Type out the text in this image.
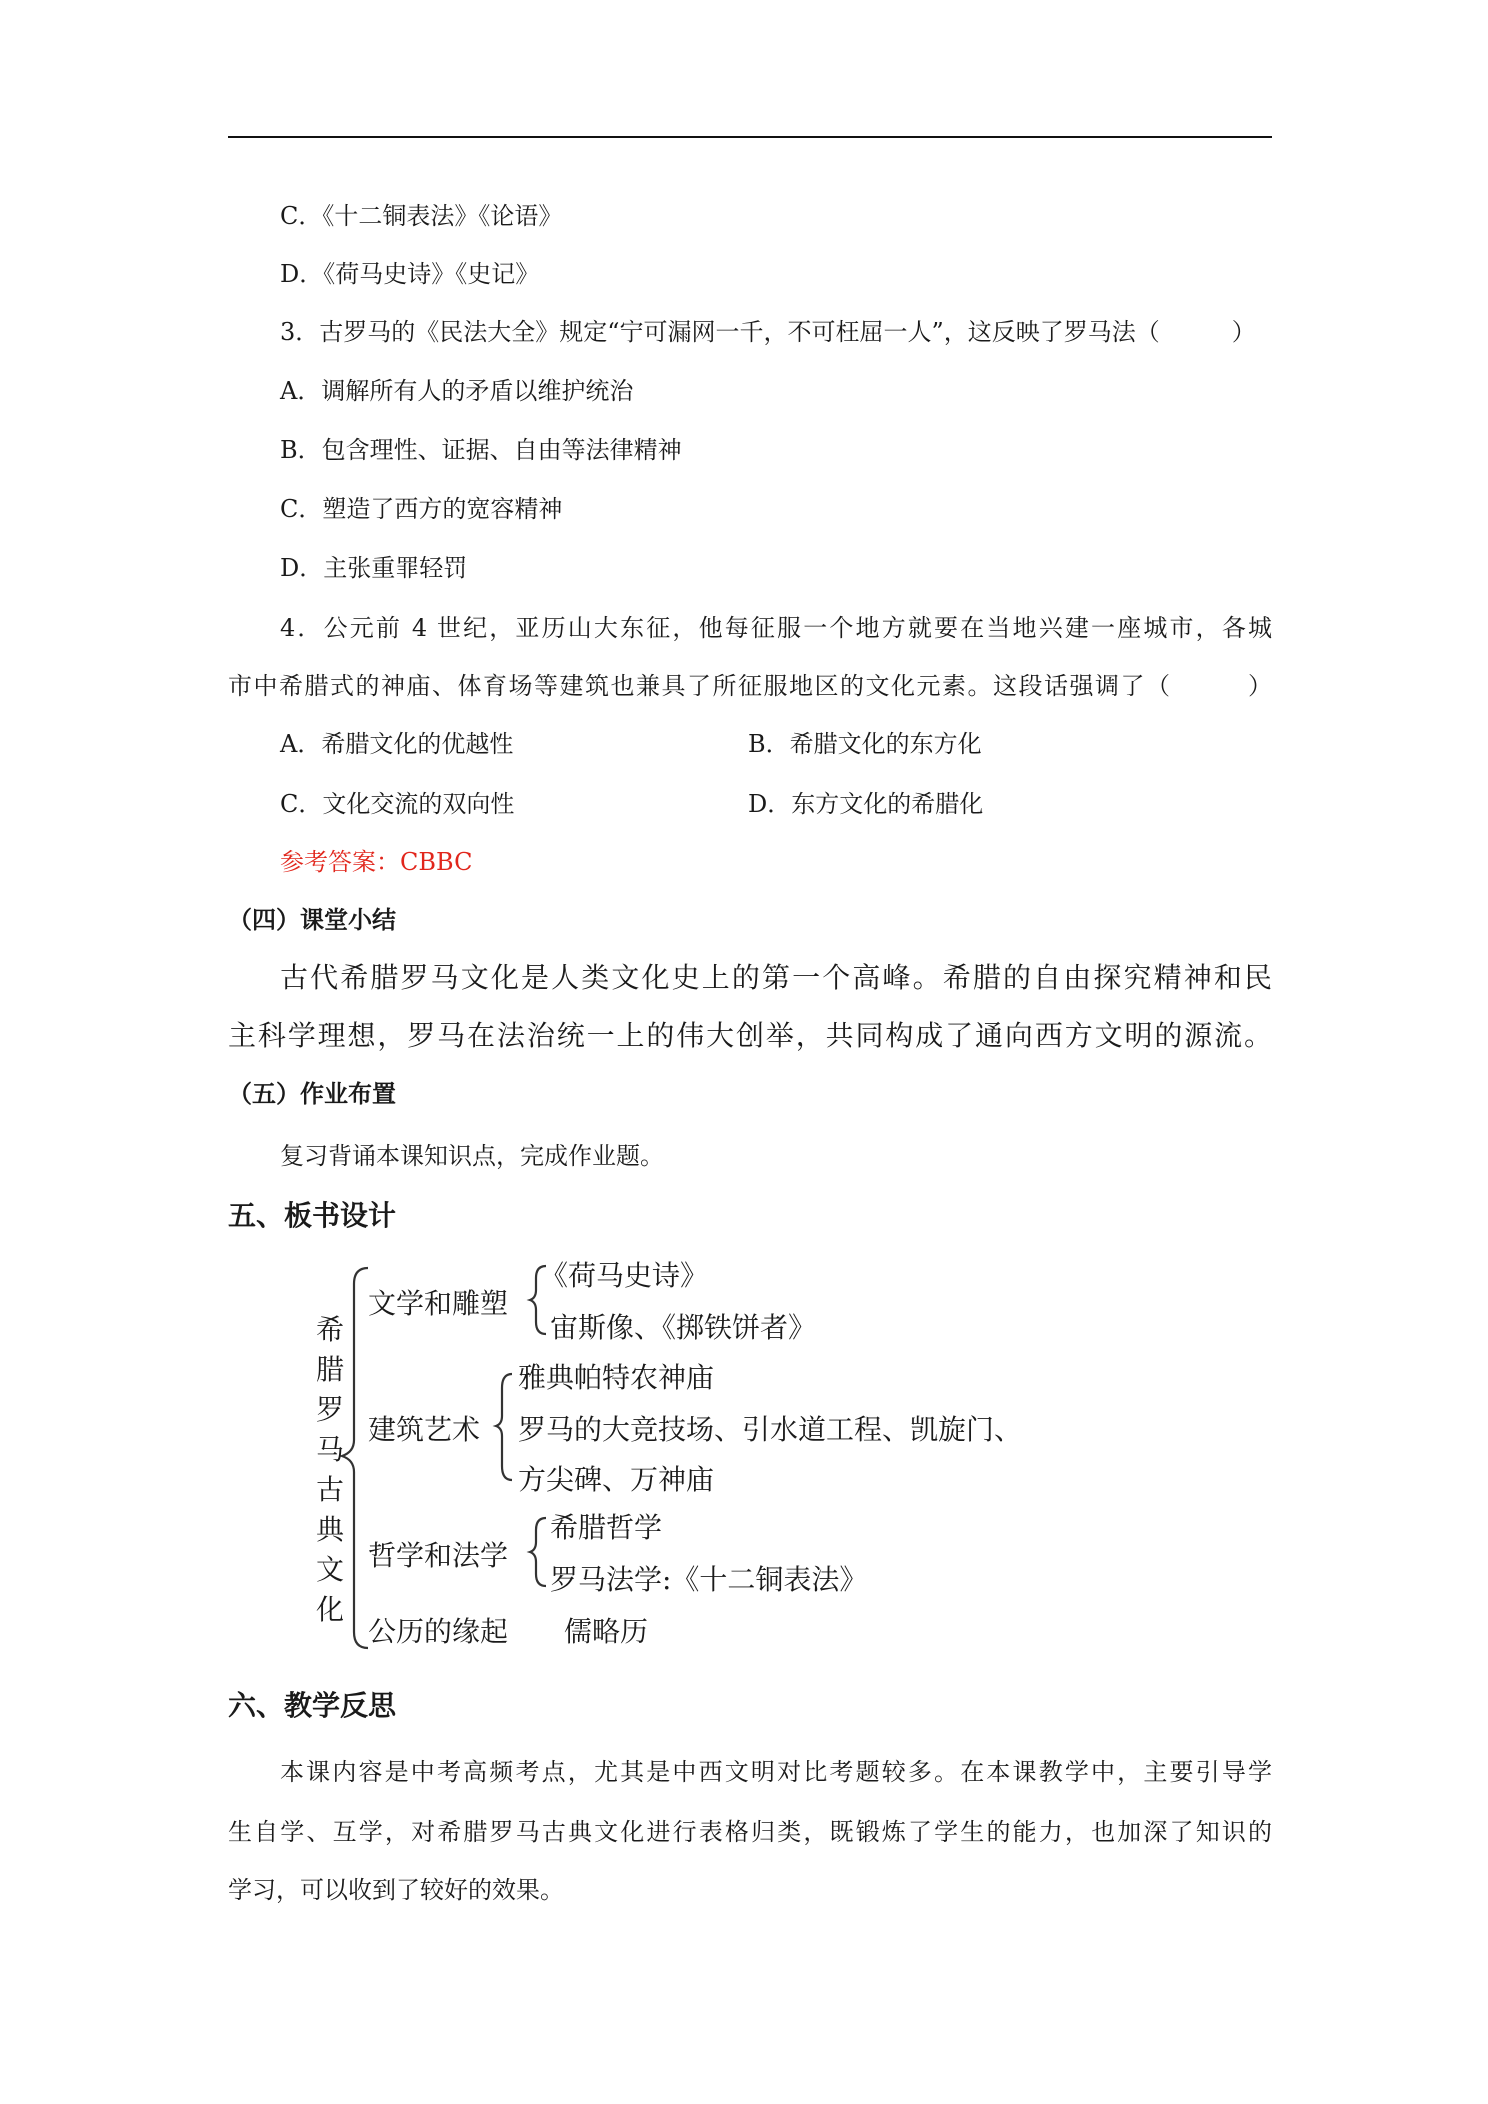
C．《十二铜表法》《论语》
D．《荷马史诗》《史记》
3．古罗马的《民法大全》规定“宁可漏网一千，不可枉屈一人”，这反映了罗马法（　　　）
A．调解所有人的矛盾以维护统治
B．包含理性、证据、自由等法律精神
C．塑造了西方的宽容精神
D．主张重罪轻罚
4．公元前 4 世纪，亚历山大东征，他每征服一个地方就要在当地兴建一座城市，各城
市中希腊式的神庙、体育场等建筑也兼具了所征服地区的文化元素。这段话强调了（　　　）
A．希腊文化的优越性	B．希腊文化的东方化
C．文化交流的双向性	D．东方文化的希腊化
参考答案：CBBC
（四）课堂小结
古代希腊罗马文化是人类文化史上的第一个高峰。希腊的自由探究精神和民
主科学理想，罗马在法治统一上的伟大创举，共同构成了通向西方文明的源流。
（五）作业布置
复习背诵本课知识点，完成作业题。
五、板书设计
希
腊
罗
马
古
典
文
化
文学和雕塑
《荷马史诗》
宙斯像、《掷铁饼者》
建筑艺术
雅典帕特农神庙
罗马的大竞技场、引水道工程、凯旋门、
方尖碑、万神庙
哲学和法学
希腊哲学
罗马法学:《十二铜表法》
公历的缘起 儒略历
六、教学反思
本课内容是中考高频考点，尤其是中西文明对比考题较多。在本课教学中，主要引导学
生自学、互学，对希腊罗马古典文化进行表格归类，既锻炼了学生的能力，也加深了知识的
学习，可以收到了较好的效果。
